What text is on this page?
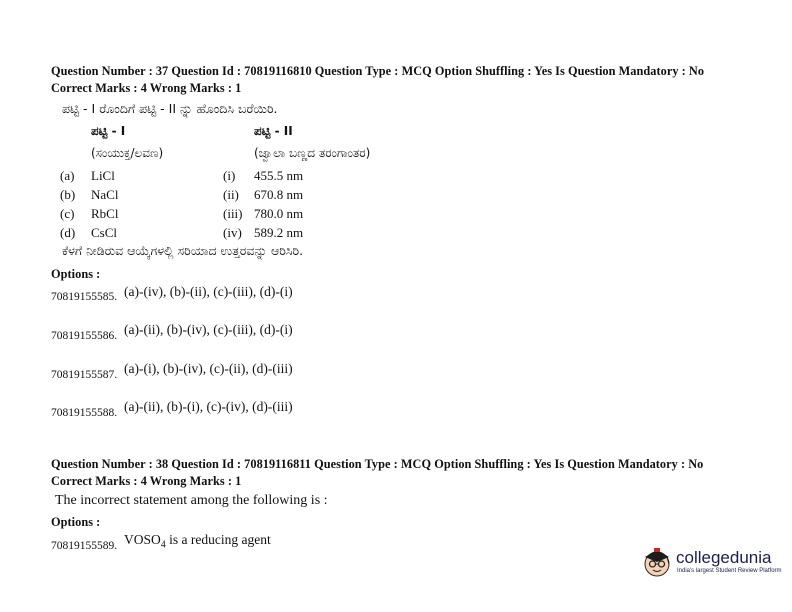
Question Number : 37 Question Id : 70819116810 Question Type : MCQ Option Shuffling : Yes Is Question Mandatory : No
Correct Marks : 4 Wrong Marks : 1
ಪಟ್ಟಿ - I ರೊಂದಿಗೆ ಪಟ್ಟಿ - II ನ್ನು ಹೊಂದಿಸಿ ಬರೆಯಿರಿ.
ಪಟ್ಟಿ - I	ಪಟ್ಟಿ - II
(ಸಂಯುಕ್ತ/ಲವಣ)	(ಜ್ವಾಲಾ ಬಣ್ಣದ ತರಂಗಾಂತರ)
(a) LiCl	(i) 455.5 nm
(b) NaCl	(ii) 670.8 nm
(c) RbCl	(iii) 780.0 nm
(d) CsCl	(iv) 589.2 nm
ಕೆಳಗೆ ನೀಡಿರುವ ಆಯ್ಕೆಗಳಲ್ಲಿ ಸರಿಯಾದ ಉತ್ತರವನ್ನು ಆರಿಸಿರಿ.
Options :
70819155585. (a)-(iv), (b)-(ii), (c)-(iii), (d)-(i)
70819155586. (a)-(ii), (b)-(iv), (c)-(iii), (d)-(i)
70819155587. (a)-(i), (b)-(iv), (c)-(ii), (d)-(iii)
70819155588. (a)-(ii), (b)-(i), (c)-(iv), (d)-(iii)
Question Number : 38 Question Id : 70819116811 Question Type : MCQ Option Shuffling : Yes Is Question Mandatory : No
Correct Marks : 4 Wrong Marks : 1
The incorrect statement among the following is :
Options :
70819155589. $VOSO_4$ is a reducing agent
collegedunia
India's largest Student Review Platform
